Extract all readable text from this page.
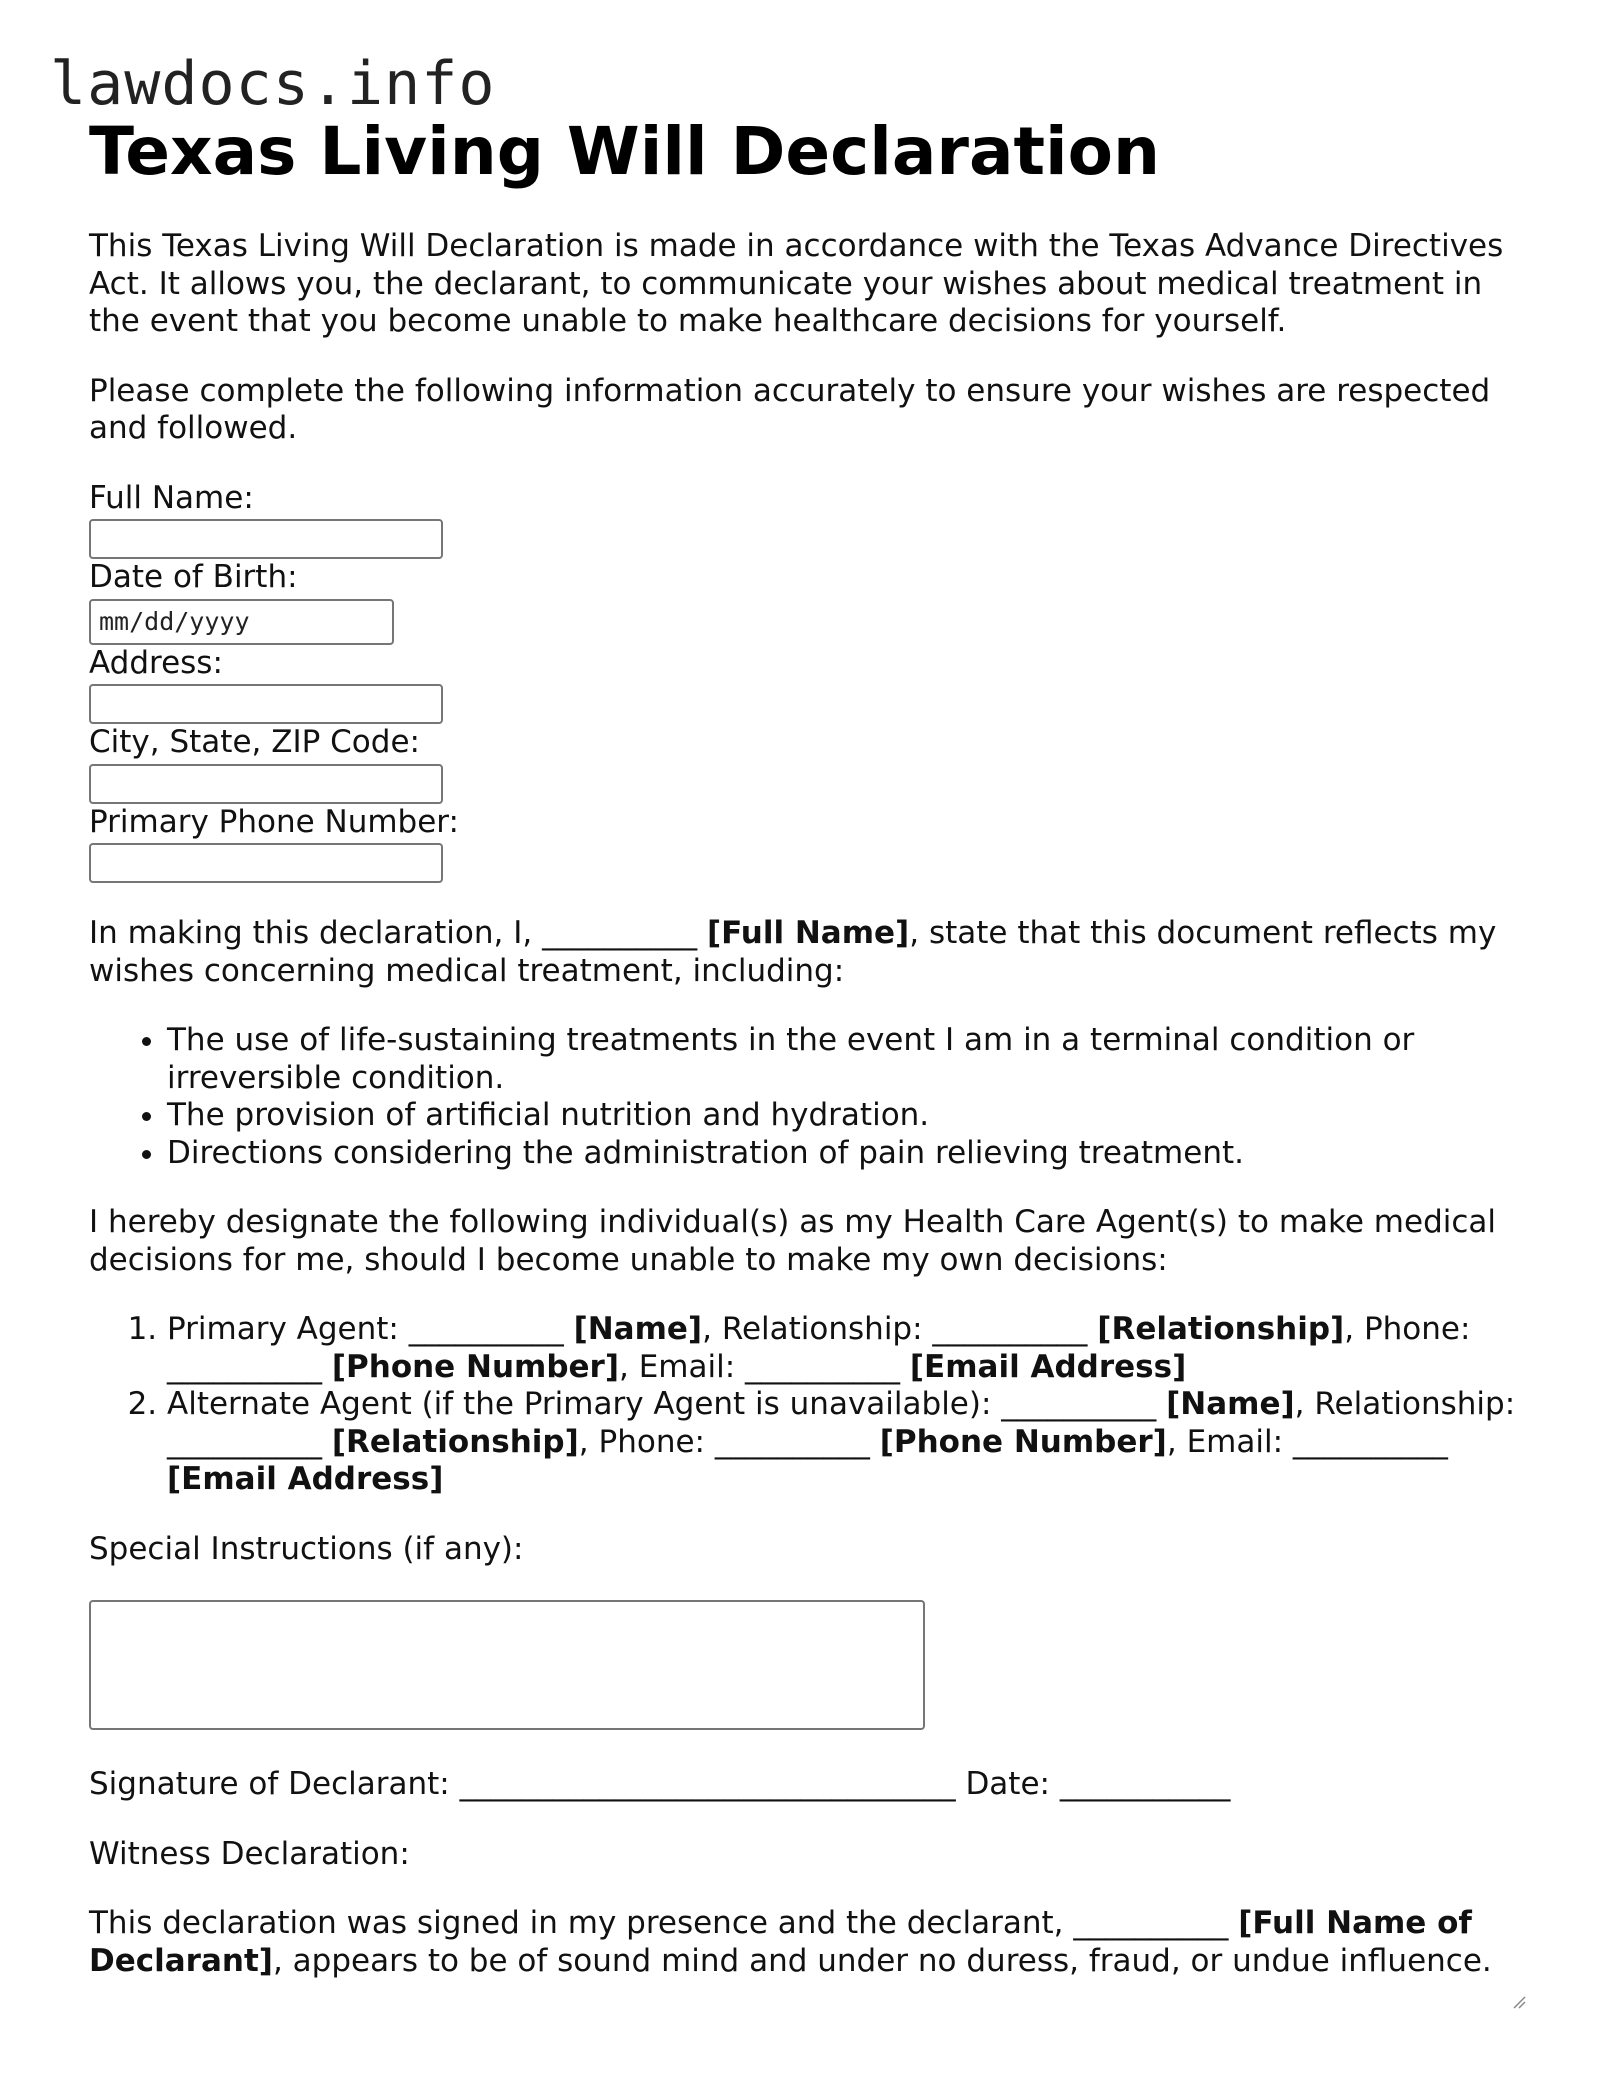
lawdocs.info
Texas Living Will Declaration

This Texas Living Will Declaration is made in accordance with the Texas Advance Directives Act. It allows you, the declarant, to communicate your wishes about medical treatment in the event that you become unable to make healthcare decisions for yourself.

Please complete the following information accurately to ensure your wishes are respected and followed.

Full Name:
Date of Birth:
mm/dd/yyyy
Address:
City, State, ZIP Code:
Primary Phone Number:

In making this declaration, I, __________ [Full Name], state that this document reflects my wishes concerning medical treatment, including:

• The use of life-sustaining treatments in the event I am in a terminal condition or irreversible condition.
• The provision of artificial nutrition and hydration.
• Directions considering the administration of pain relieving treatment.

I hereby designate the following individual(s) as my Health Care Agent(s) to make medical decisions for me, should I become unable to make my own decisions:

1. Primary Agent: __________ [Name], Relationship: __________ [Relationship], Phone: __________ [Phone Number], Email: __________ [Email Address]
2. Alternate Agent (if the Primary Agent is unavailable): __________ [Name], Relationship: __________ [Relationship], Phone: __________ [Phone Number], Email: __________ [Email Address]
Special Instructions (if any):

Signature of Declarant: ________________________________ Date: ___________

Witness Declaration:

This declaration was signed in my presence and the declarant, __________ [Full Name of Declarant], appears to be of sound mind and under no duress, fraud, or undue influence.
